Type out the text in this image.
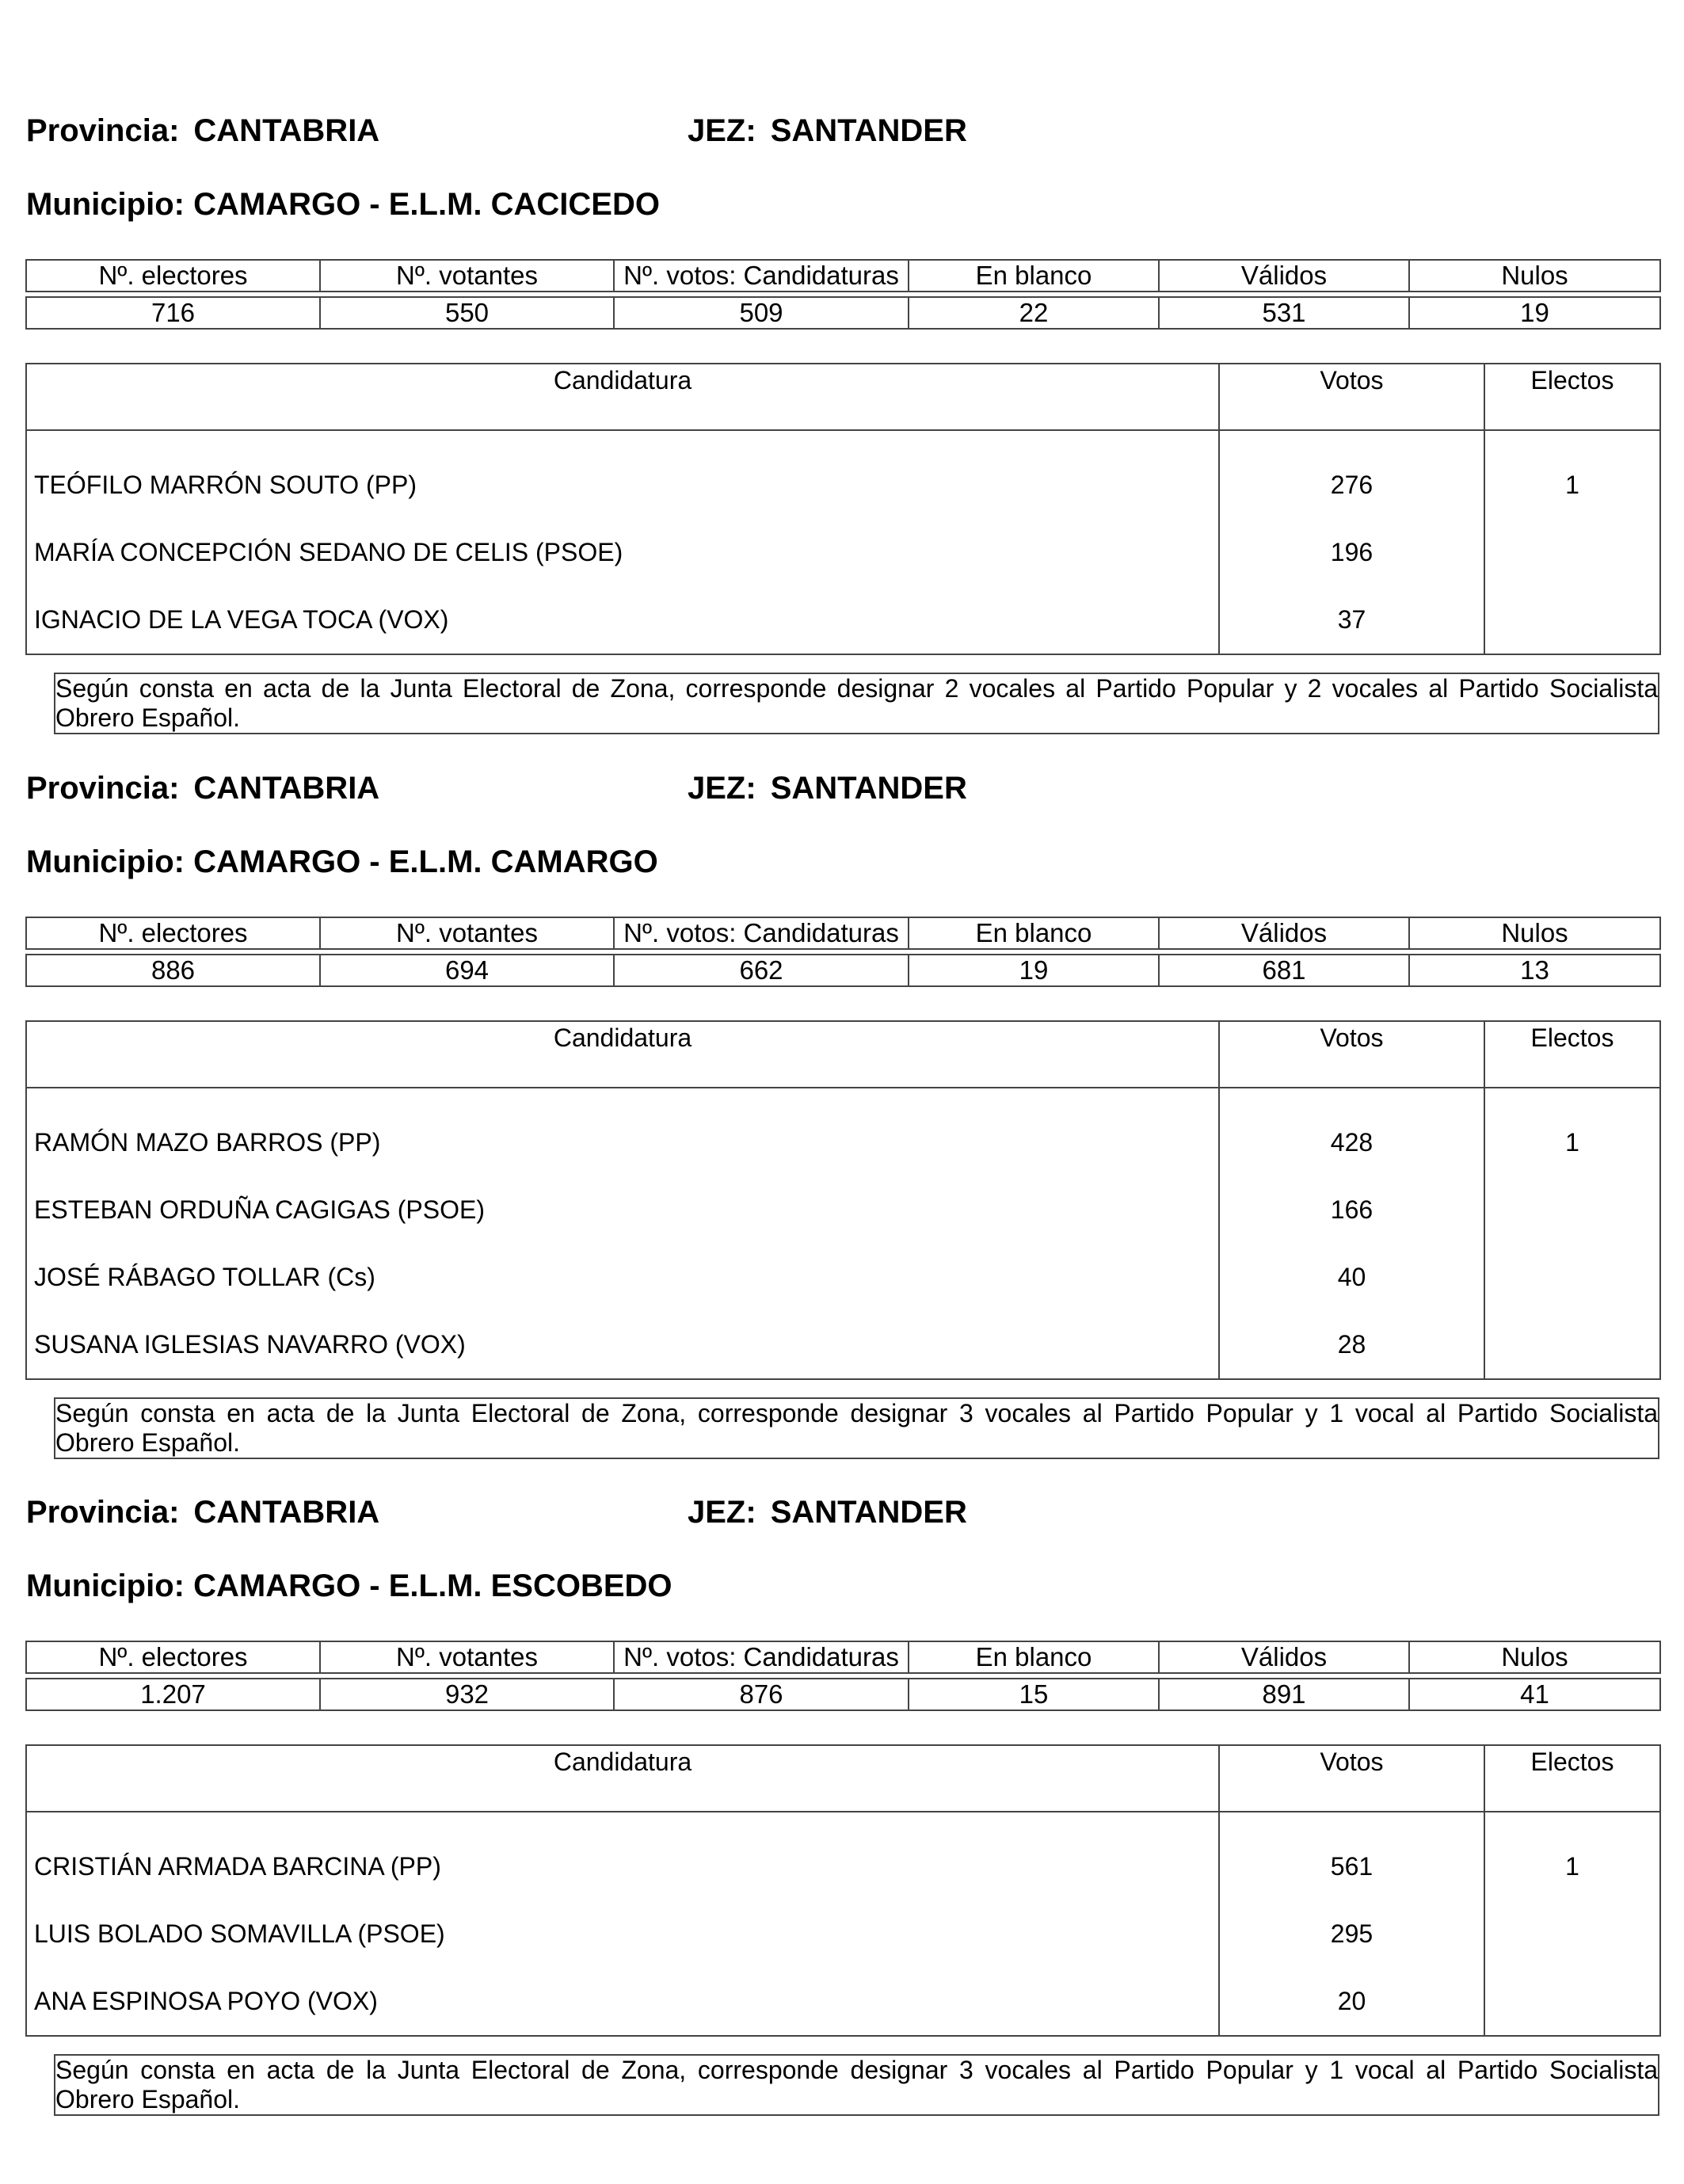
Provincia: CANTABRIA	JEZ: SANTANDER
Municipio: CAMARGO - E.L.M. CACICEDO
Nº. electores	Nº. votantes	Nº. votos: Candidaturas	En blanco	Válidos	Nulos

716	550	509	22	531	19
Candidatura	Votos	Electos
TEÓFILO MARRÓN SOUTO (PP)	276	1
MARÍA CONCEPCIÓN SEDANO DE CELIS (PSOE)	196	
IGNACIO DE LA VEGA TOCA (VOX)	37	
Según consta en acta de la Junta Electoral de Zona, corresponde designar 2 vocales al Partido Popular y 2 vocales al Partido Socialista
Obrero Español.
Provincia: CANTABRIA	JEZ: SANTANDER
Municipio: CAMARGO - E.L.M. CAMARGO
Nº. electores	Nº. votantes	Nº. votos: Candidaturas	En blanco	Válidos	Nulos

886	694	662	19	681	13
Candidatura	Votos	Electos
RAMÓN MAZO BARROS (PP)	428	1
ESTEBAN ORDUÑA CAGIGAS (PSOE)	166	
JOSÉ RÁBAGO TOLLAR (Cs)	40	
SUSANA IGLESIAS NAVARRO (VOX)	28	
Según consta en acta de la Junta Electoral de Zona, corresponde designar 3 vocales al Partido Popular y 1 vocal al Partido Socialista
Obrero Español.
Provincia: CANTABRIA	JEZ: SANTANDER
Municipio: CAMARGO - E.L.M. ESCOBEDO
Nº. electores	Nº. votantes	Nº. votos: Candidaturas	En blanco	Válidos	Nulos

1.207	932	876	15	891	41
Candidatura	Votos	Electos
CRISTIÁN ARMADA BARCINA (PP)	561	1
LUIS BOLADO SOMAVILLA (PSOE)	295	
ANA ESPINOSA POYO (VOX)	20	
Según consta en acta de la Junta Electoral de Zona, corresponde designar 3 vocales al Partido Popular y 1 vocal al Partido Socialista
Obrero Español.
